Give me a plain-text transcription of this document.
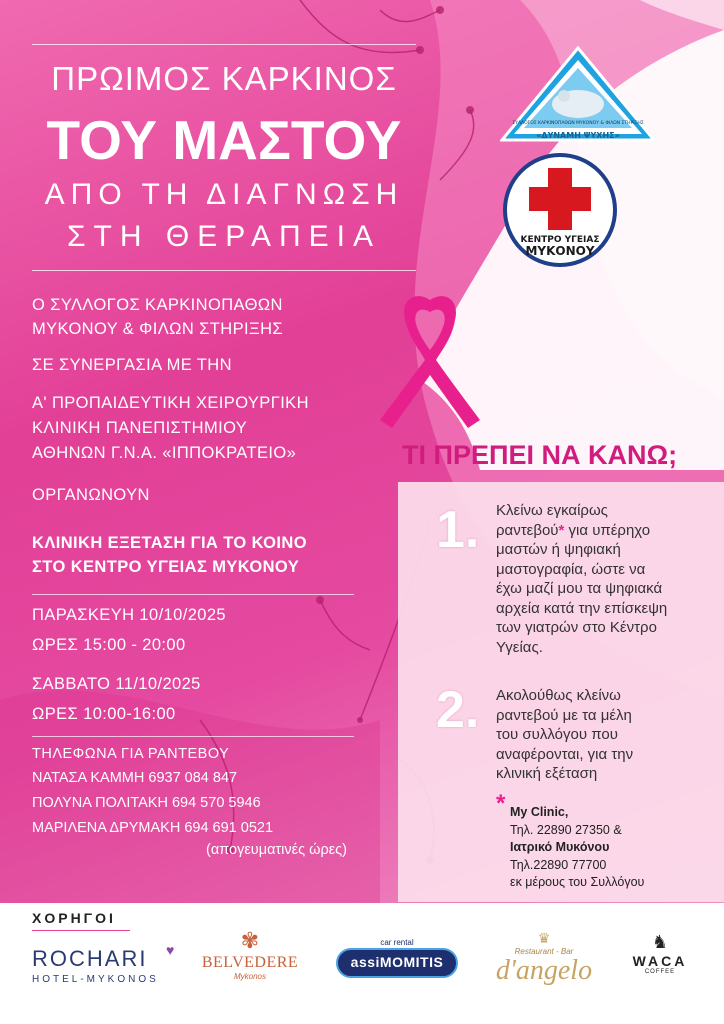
ΠΡΩΙΜΟΣ ΚΑΡΚΙΝΟΣ
ΤΟΥ ΜΑΣΤΟΥ
ΑΠΟ ΤΗ ΔΙΑΓΝΩΣΗ
ΣΤΗ ΘΕΡΑΠΕΙΑ
Ο ΣΥΛΛΟΓΟΣ ΚΑΡΚΙΝΟΠΑΘΩΝ
ΜΥΚΟΝΟΥ & ΦΙΛΩΝ ΣΤΗΡΙΞΗΣ
ΣΕ ΣΥΝΕΡΓΑΣΙΑ ΜΕ ΤΗΝ
Α' ΠΡΟΠΑΙΔΕΥΤΙΚΗ ΧΕΙΡΟΥΡΓΙΚΗ
ΚΛΙΝΙΚΗ ΠΑΝΕΠΙΣΤΗΜΙΟΥ
ΑΘΗΝΩΝ Γ.Ν.Α. «ΙΠΠΟΚΡΑΤΕΙΟ»
ΟΡΓΑΝΩΝΟΥΝ
ΚΛΙΝΙΚΗ ΕΞΕΤΑΣΗ ΓΙΑ ΤΟ ΚΟΙΝΟ
ΣΤΟ ΚΕΝΤΡΟ ΥΓΕΙΑΣ ΜΥΚΟΝΟΥ
ΠΑΡΑΣΚΕΥΗ 10/10/2025
ΩΡΕΣ 15:00 - 20:00
ΣΑΒΒΑΤΟ 11/10/2025
ΩΡΕΣ 10:00-16:00
ΤΗΛΕΦΩΝΑ ΓΙΑ ΡΑΝΤΕΒΟΥ
ΝΑΤΑΣΑ ΚΑΜΜΗ 6937 084 847
ΠΟΛΥΝΑ ΠΟΛΙΤΑΚΗ 694 570 5946
ΜΑΡΙΛΕΝΑ ΔΡΥΜΑΚΗ 694 691 0521
(απογευματινές ώρες)
«ΔΥΝΑΜΗ ΨΥΧΗΣ»
ΣΥΛΛΟΓΟΣ ΚΑΡΚΙΝΟΠΑΘΩΝ ΜΥΚΟΝΟΥ & ΦΙΛΩΝ ΣΤΗΡΙΞΗΣ
ΚΕΝΤΡΟ ΥΓΕΙΑΣ
ΜΥΚΟΝΟΥ
ΤΙ ΠΡΕΠΕΙ ΝΑ ΚΑΝΩ;
1. Κλείνω εγκαίρως
ραντεβού* για υπέρηχο
μαστών ή ψηφιακή
μαστογραφία, ώστε να
έχω μαζί μου τα ψηφιακά
αρχεία κατά την επίσκεψη
των γιατρών στο Κέντρο
Υγείας.
2. Ακολούθως κλείνω
ραντεβού με τα μέλη
του συλλόγου που
αναφέρονται, για την
κλινική εξέταση
* My Clinic,
Τηλ. 22890 27350 &
Ιατρικό Μυκόνου
Τηλ.22890 77700
εκ μέρους του Συλλόγου
ΧΟΡΗΓΟΙ
ROCHARI	♥
HOTEL-MYKONOS
✾
BELVEDERE
Mykonos
car rental
assiMOMITIS
♛
Restaurant - Bar
d'angelo
♞
WACA
COFFEE
